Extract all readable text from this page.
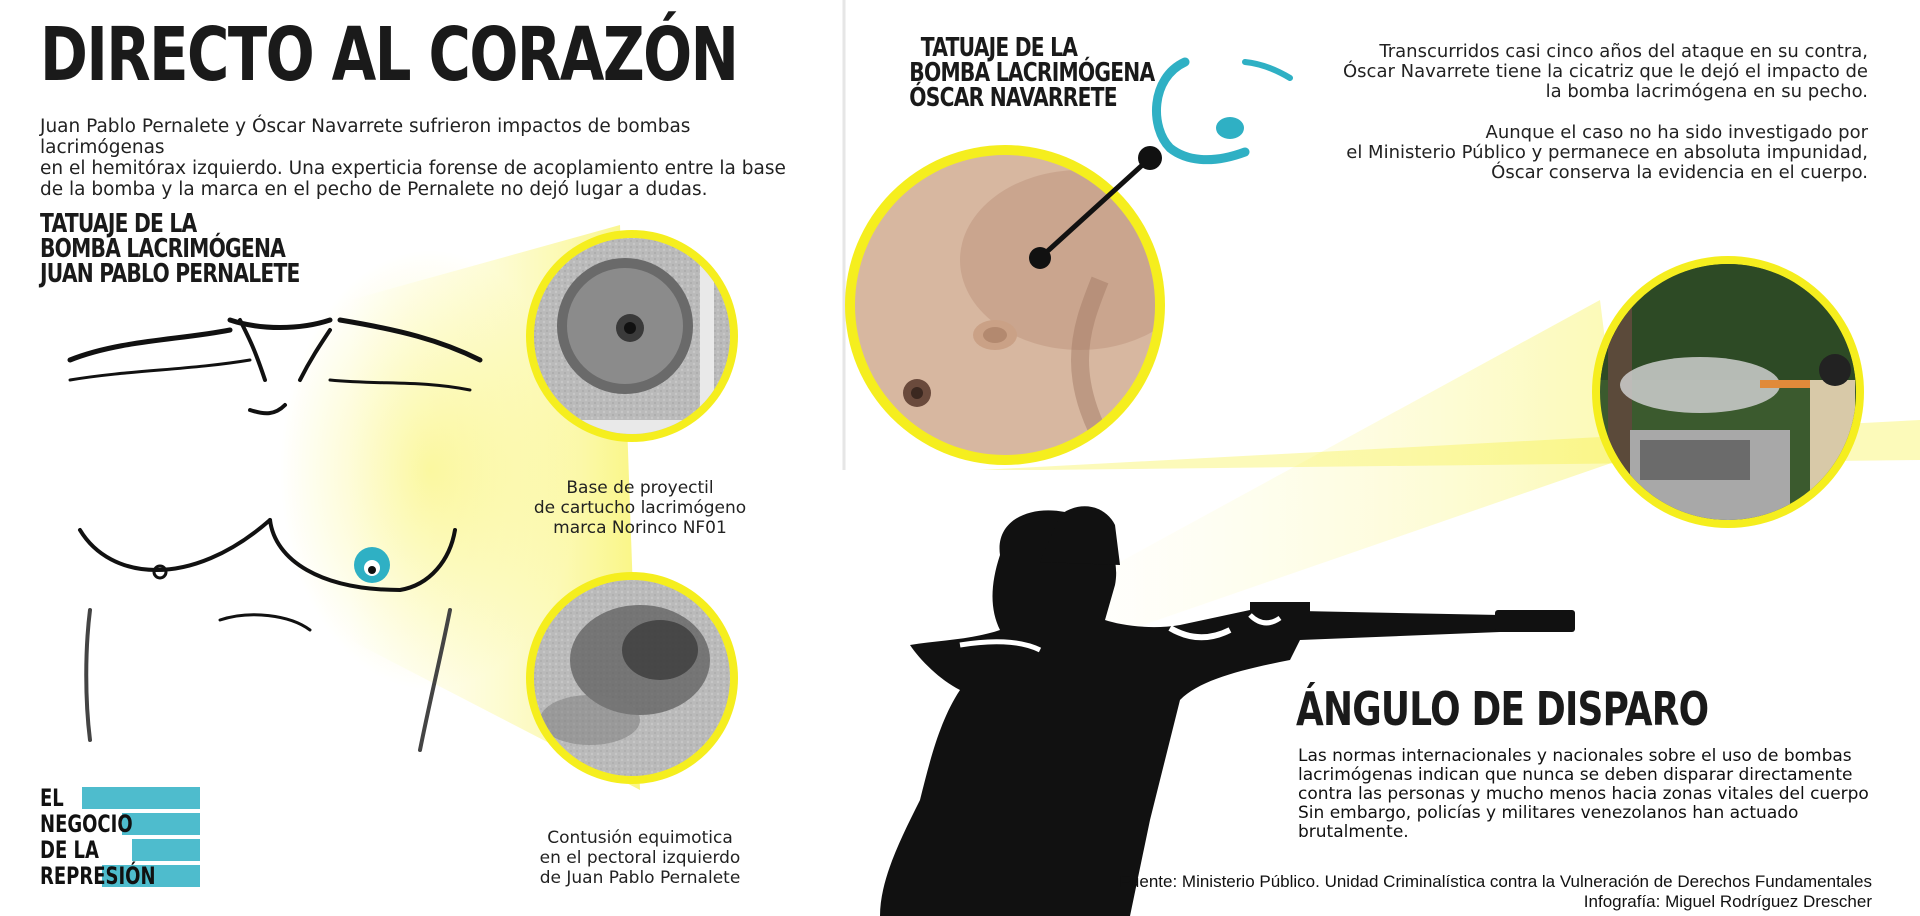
DIRECTO AL CORAZÓN

Juan Pablo Pernalete y Óscar Navarrete sufrieron impactos de bombas lacrimógenas

en el hemitórax izquierdo. Una experticia forense de acoplamiento entre la base

de la bomba y la marca en el pecho de Pernalete no dejó lugar a dudas.

TATUAJE DE LA
BOMBA LACRIMÓGENA
JUAN PABLO PERNALETE
TATUAJE DE LA
BOMBA LACRIMÓGENA
ÓSCAR NAVARRETE
Base de proyectil
de cartucho lacrimógeno
marca Norinco NF01
Contusión equimotica
en el pectoral izquierdo
de Juan Pablo Pernalete

Transcurridos casi cinco años del ataque en su contra,
Óscar Navarrete tiene la cicatriz que le dejó el impacto de
la bomba lacrimógena en su pecho.

Aunque el caso no ha sido investigado por
el Ministerio Público y permanece en absoluta impunidad,
Óscar conserva la evidencia en el cuerpo.

ÁNGULO DE DISPARO
Las normas internacionales y nacionales sobre el uso de bombas
lacrimógenas indican que nunca se deben disparar directamente
contra las personas y mucho menos hacia zonas vitales del cuerpo
Sin embargo, policías y militares venezolanos han actuado
brutalmente.
Fuente: Ministerio Público. Unidad Criminalística contra la Vulneración de Derechos Fundamentales
Infografía: Miguel Rodríguez Drescher
EL
NEGOCIO
DE LA
REPRESIÓN
